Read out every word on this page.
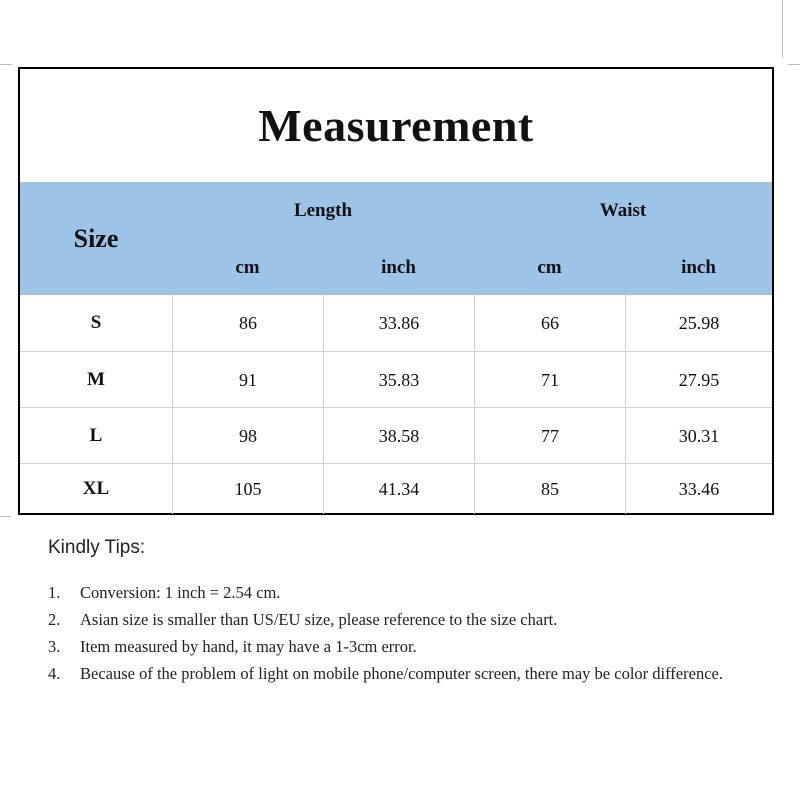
Measurement
Size
Length	Waist
cm	inch	cm	inch
S	86	33.86	66	25.98
M	91	35.83	71	27.95
L	98	38.58	77	30.31
XL	105	41.34	85	33.46
Kindly Tips:
1.	Conversion: 1 inch = 2.54 cm.
2.	Asian size is smaller than US/EU size, please reference to the size chart.
3.	Item measured by hand, it may have a 1-3cm error.
4.	Because of the problem of light on mobile phone/computer screen, there may be color difference.
